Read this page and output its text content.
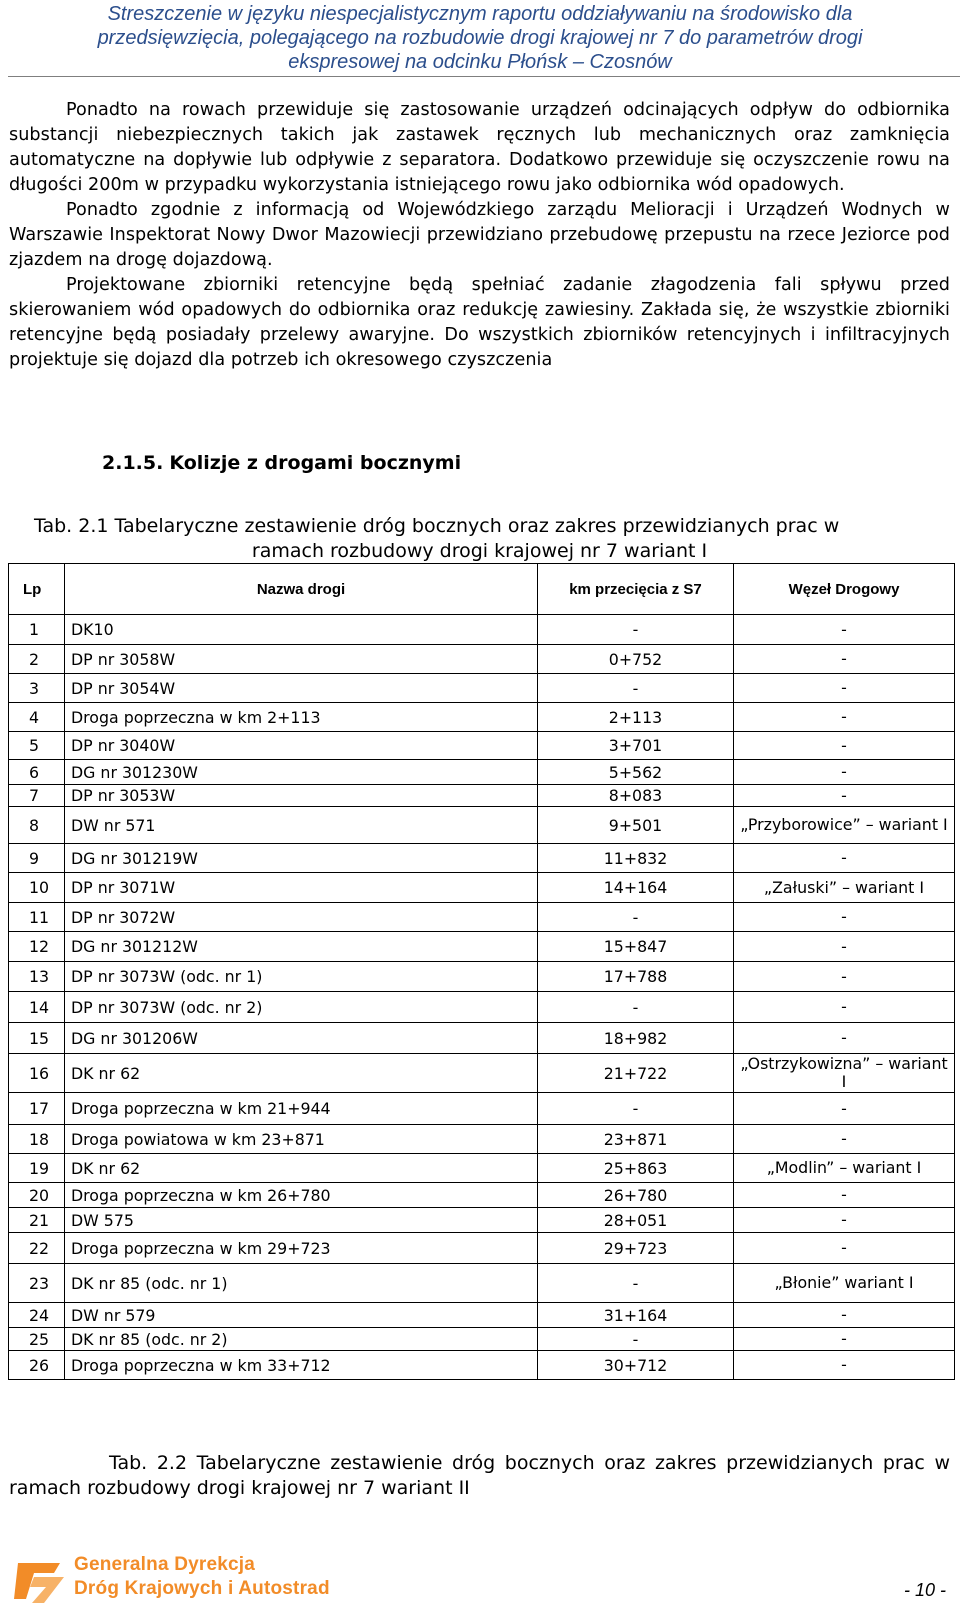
Streszczenie w języku niespecjalistycznym raportu oddziaływaniu na środowisko dla
przedsięwzięcia, polegającego na rozbudowie drogi krajowej nr 7 do parametrów drogi
ekspresowej na odcinku Płońsk – Czosnów

Ponadto na rowach przewiduje się zastosowanie urządzeń odcinających odpływ do odbiornika substancji niebezpiecznych takich jak zastawek ręcznych lub mechanicznych oraz zamknięcia automatyczne na dopływie lub odpływie z separatora. Dodatkowo przewiduje się oczyszczenie rowu na długości 200m w przypadku wykorzystania istniejącego rowu jako odbiornika wód opadowych.

Ponadto zgodnie z informacją od Wojewódzkiego zarządu Melioracji i Urządzeń Wodnych w Warszawie Inspektorat Nowy Dwor Mazowiecji przewidziano przebudowę przepustu na rzece Jeziorce pod zjazdem na drogę dojazdową.

Projektowane zbiorniki retencyjne będą spełniać zadanie złagodzenia fali spływu przed skierowaniem wód opadowych do odbiornika oraz redukcję zawiesiny. Zakłada się, że wszystkie zbiorniki retencyjne będą posiadały przelewy awaryjne. Do wszystkich zbiorników retencyjnych i infiltracyjnych projektuje się dojazd dla potrzeb ich okresowego czyszczenia

2.1.5. Kolizje z drogami bocznymi
Tab. 2.1 Tabelaryczne zestawienie dróg bocznych oraz zakres przewidzianych prac w
ramach rozbudowy drogi krajowej nr 7 wariant I
Lp	Nazwa drogi	km przecięcia z S7	Węzeł Drogowy
1	DK10	-	-
2	DP nr 3058W	0+752	-
3	DP nr 3054W	-	-
4	Droga poprzeczna w km 2+113	2+113	-
5	DP nr 3040W	3+701	-
6	DG nr 301230W	5+562	-
7	DP nr 3053W	8+083	-
8	DW nr 571	9+501	„Przyborowice” – wariant I
9	DG nr 301219W	11+832	-
10	DP nr 3071W	14+164	„Załuski” – wariant I
11	DP nr 3072W	-	-
12	DG nr 301212W	15+847	-
13	DP nr 3073W (odc. nr 1)	17+788	-
14	DP nr 3073W (odc. nr 2)	-	-
15	DG nr 301206W	18+982	-
16	DK nr 62	21+722	„Ostrzykowizna” – wariant I
17	Droga poprzeczna w km 21+944	-	-
18	Droga powiatowa w km 23+871	23+871	-
19	DK nr 62	25+863	„Modlin” – wariant I
20	Droga poprzeczna w km 26+780	26+780	-
21	DW 575	28+051	-
22	Droga poprzeczna w km 29+723	29+723	-
23	DK nr 85 (odc. nr 1)	-	„Błonie” wariant I
24	DW nr 579	31+164	-
25	DK nr 85 (odc. nr 2)	-	-
26	Droga poprzeczna w km 33+712	30+712	-
Tab. 2.2 Tabelaryczne zestawienie dróg bocznych oraz zakres przewidzianych prac w ramach rozbudowy drogi krajowej nr 7 wariant II
Generalna Dyrekcja
Dróg Krajowych i Autostrad	- 10 -
